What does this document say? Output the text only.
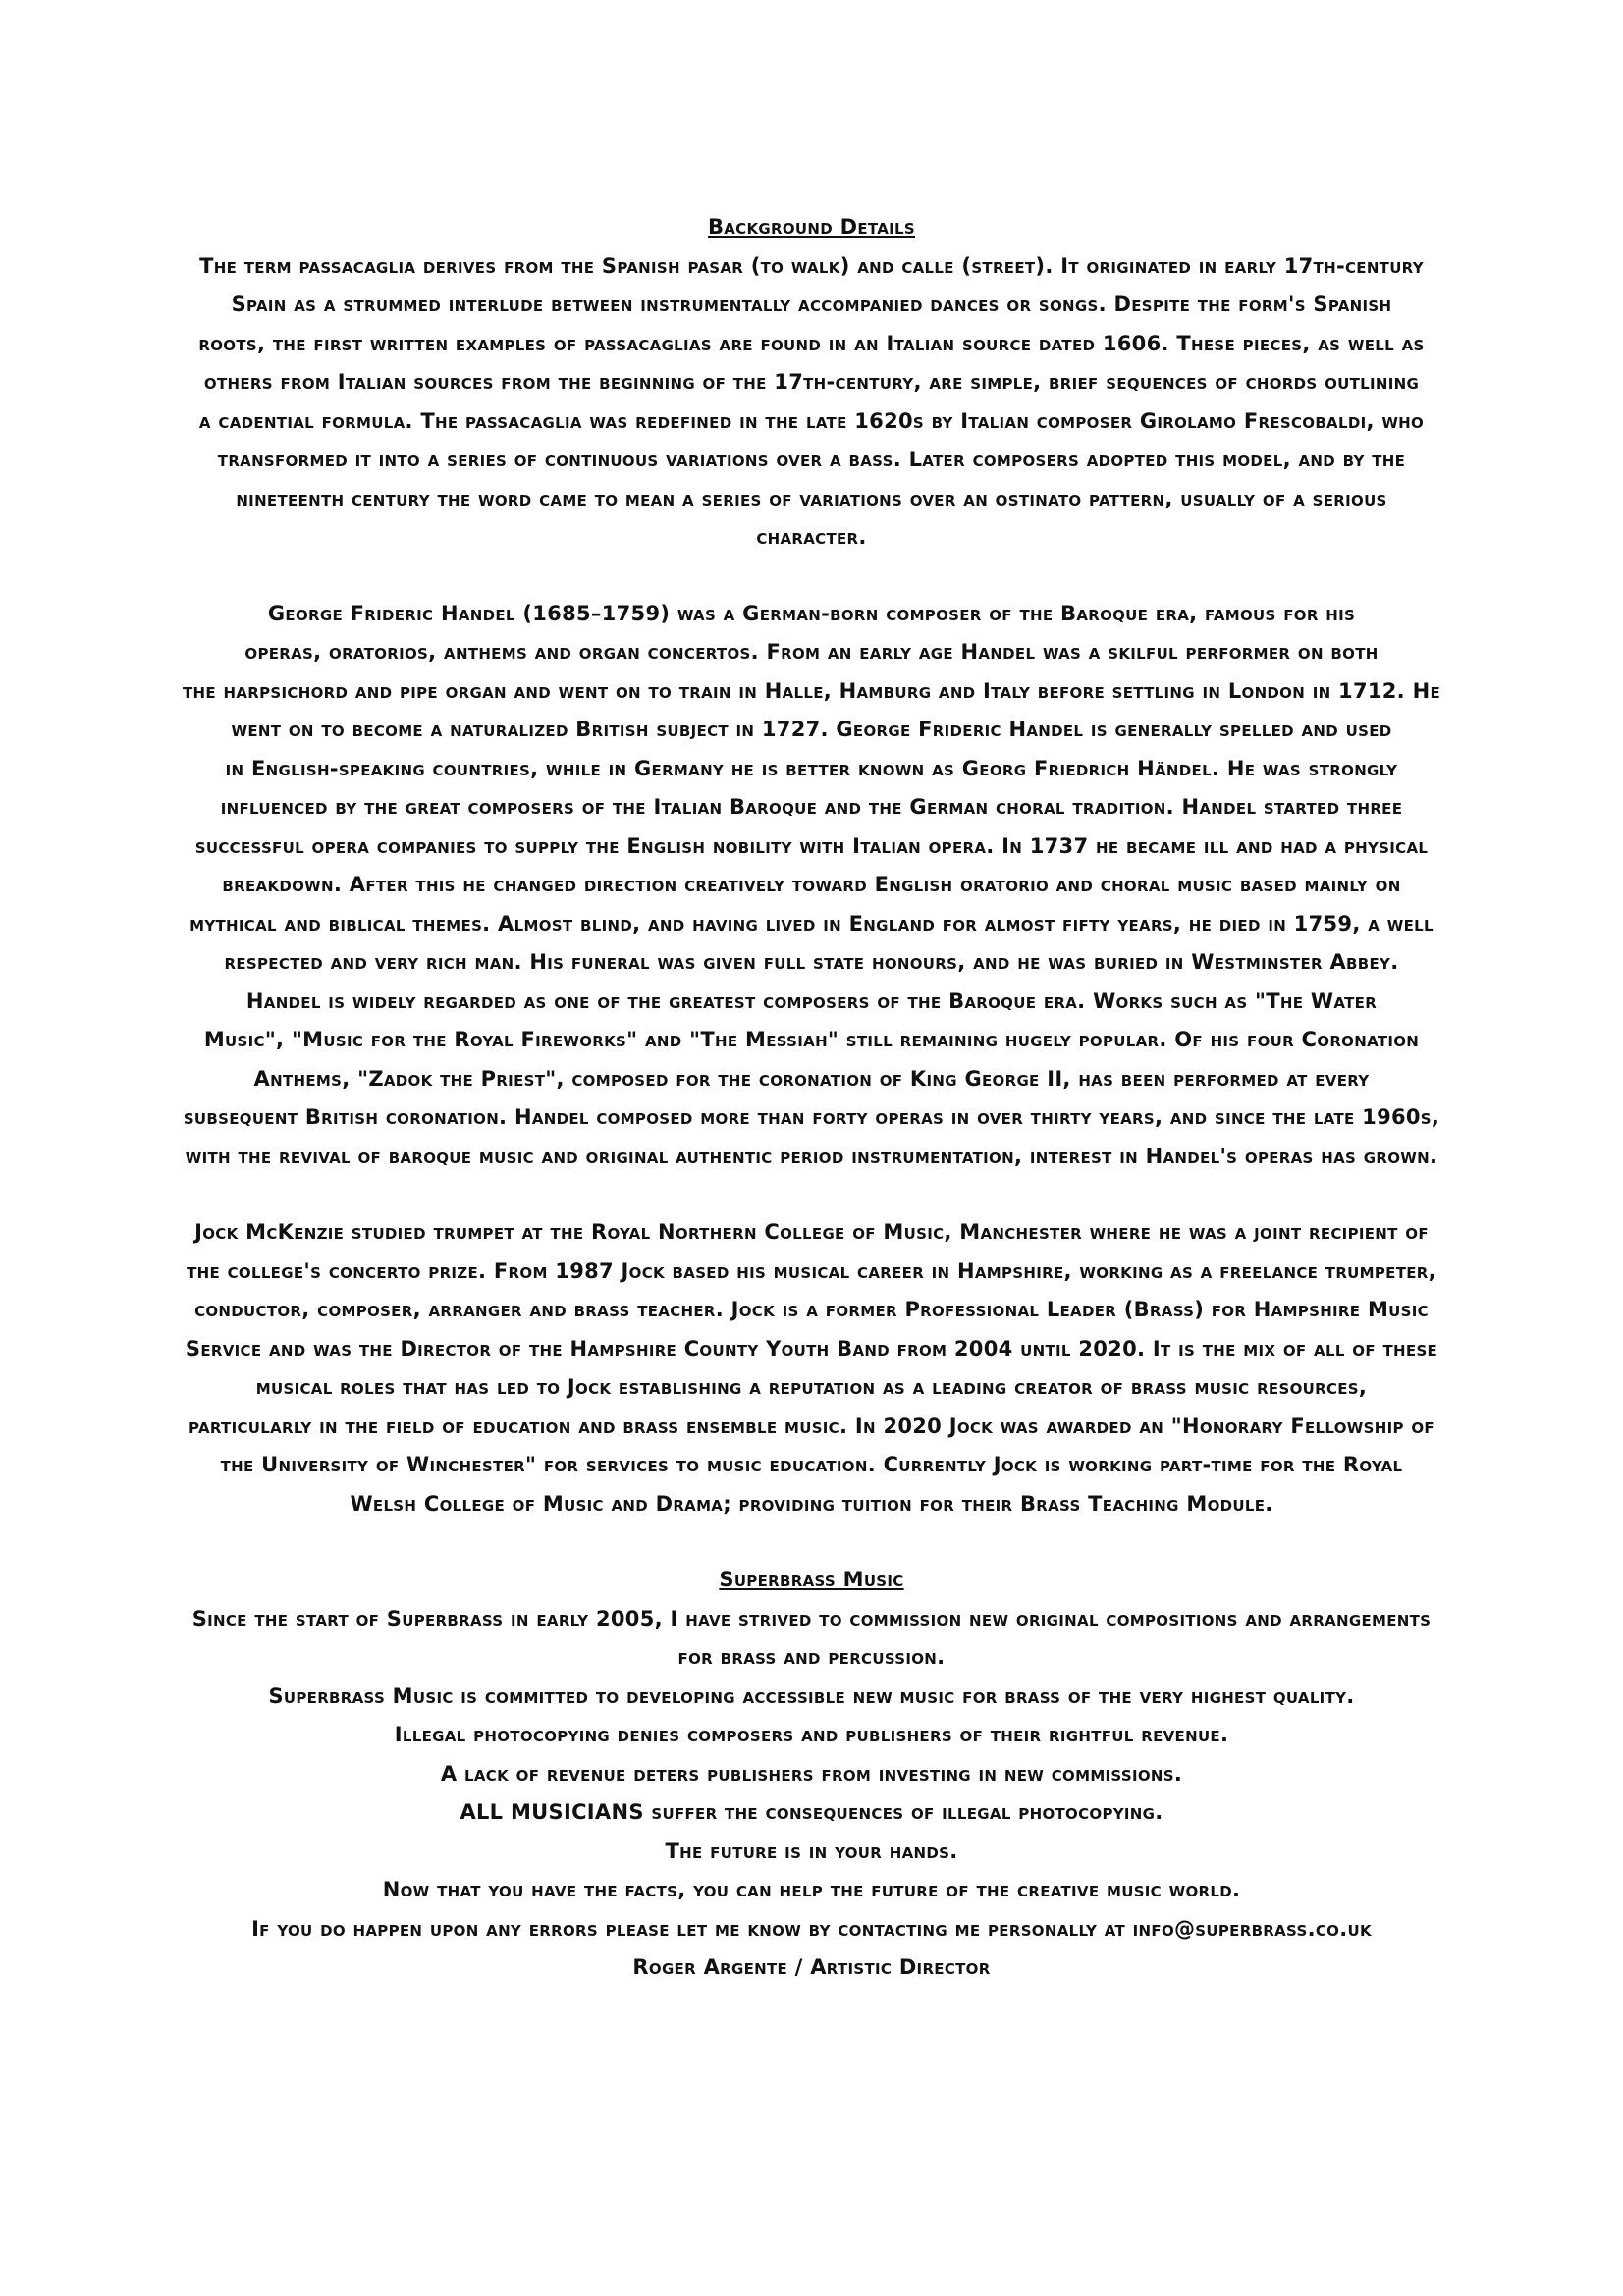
Background Details
The term passacaglia derives from the Spanish pasar (to walk) and calle (street). It originated in early 17th-century
Spain as a strummed interlude between instrumentally accompanied dances or songs. Despite the form's Spanish
roots, the first written examples of passacaglias are found in an Italian source dated 1606. These pieces, as well as
others from Italian sources from the beginning of the 17th-century, are simple, brief sequences of chords outlining
a cadential formula. The passacaglia was redefined in the late 1620s by Italian composer Girolamo Frescobaldi, who
transformed it into a series of continuous variations over a bass. Later composers adopted this model, and by the
nineteenth century the word came to mean a series of variations over an ostinato pattern, usually of a serious
character.
George Frideric Handel (1685–1759) was a German-born composer of the Baroque era, famous for his
operas, oratorios, anthems and organ concertos. From an early age Handel was a skilful performer on both
the harpsichord and pipe organ and went on to train in Halle, Hamburg and Italy before settling in London in 1712. He
went on to become a naturalized British subject in 1727. George Frideric Handel is generally spelled and used
in English-speaking countries, while in Germany he is better known as Georg Friedrich Händel. He was strongly
influenced by the great composers of the Italian Baroque and the German choral tradition. Handel started three
successful opera companies to supply the English nobility with Italian opera. In 1737 he became ill and had a physical
breakdown. After this he changed direction creatively toward English oratorio and choral music based mainly on
mythical and biblical themes. Almost blind, and having lived in England for almost fifty years, he died in 1759, a well
respected and very rich man. His funeral was given full state honours, and he was buried in Westminster Abbey.
Handel is widely regarded as one of the greatest composers of the Baroque era. Works such as "The Water
Music", "Music for the Royal Fireworks" and "The Messiah" still remaining hugely popular. Of his four Coronation
Anthems, "Zadok the Priest", composed for the coronation of King George II, has been performed at every
subsequent British coronation. Handel composed more than forty operas in over thirty years, and since the late 1960s,
with the revival of baroque music and original authentic period instrumentation, interest in Handel's operas has grown.
Jock McKenzie studied trumpet at the Royal Northern College of Music, Manchester where he was a joint recipient of
the college's concerto prize. From 1987 Jock based his musical career in Hampshire, working as a freelance trumpeter,
conductor, composer, arranger and brass teacher. Jock is a former Professional Leader (Brass) for Hampshire Music
Service and was the Director of the Hampshire County Youth Band from 2004 until 2020. It is the mix of all of these
musical roles that has led to Jock establishing a reputation as a leading creator of brass music resources,
particularly in the field of education and brass ensemble music. In 2020 Jock was awarded an "Honorary Fellowship of
the University of Winchester" for services to music education. Currently Jock is working part-time for the Royal
Welsh College of Music and Drama; providing tuition for their Brass Teaching Module.
Superbrass Music
Since the start of Superbrass in early 2005, I have strived to commission new original compositions and arrangements
for brass and percussion.
Superbrass Music is committed to developing accessible new music for brass of the very highest quality.
Illegal photocopying denies composers and publishers of their rightful revenue.
A lack of revenue deters publishers from investing in new commissions.
ALL MUSICIANS suffer the consequences of illegal photocopying.
The future is in your hands.
Now that you have the facts, you can help the future of the creative music world.
If you do happen upon any errors please let me know by contacting me personally at info@superbrass.co.uk
Roger Argente / Artistic Director
